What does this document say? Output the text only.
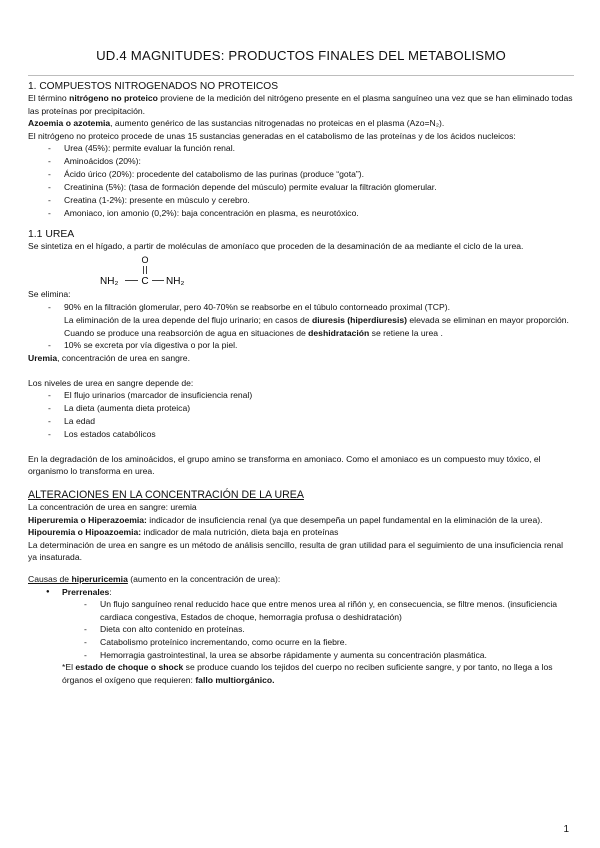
UD.4 MAGNITUDES: PRODUCTOS FINALES DEL METABOLISMO
1. COMPUESTOS NITROGENADOS NO PROTEICOS

El término nitrógeno no proteico proviene de la medición del nitrógeno presente en el plasma sanguíneo una vez que se han eliminado todas las proteínas por precipitación.

Azoemia o azotemia, aumento genérico de las sustancias nitrogenadas no proteicas en el plasma (Azo=N₂).

El nitrógeno no proteico procede de unas 15 sustancias generadas en el catabolismo de las proteínas y de los ácidos nucleicos:

- Urea (45%): permite evaluar la función renal.
- Aminoácidos (20%):
- Ácido úrico (20%): procedente del catabolismo de las purinas (produce “gota”).
- Creatinina (5%): (tasa de formación depende del músculo) permite evaluar la filtración glomerular.
- Creatina (1-2%): presente en músculo y cerebro.
- Amoniaco, ion amonio (0,2%): baja concentración en plasma, es neurotóxico.
1.1 UREA

Se sintetiza en el hígado, a partir de moléculas de amoníaco que proceden de la desaminación de aa mediante el ciclo de la urea.

O
NH₂ C NH₂

Se elimina:

- 90% en la filtración glomerular, pero 40-70%n se reabsorbe en el túbulo contorneado proximal (TCP).

La eliminación de la urea depende del flujo urinario; en casos de diuresis (hiperdiuresis) elevada se eliminan en mayor proporción.

Cuando se produce una reabsorción de agua en situaciones de deshidratación se retiene la urea .

- 10% se excreta por vía digestiva o por la piel.

Uremia, concentración de urea en sangre.

Los niveles de urea en sangre depende de:

- El flujo urinarios (marcador de insuficiencia renal)
- La dieta (aumenta dieta proteica)
- La edad
- Los estados catabólicos

En la degradación de los aminoácidos, el grupo amino se transforma en amoniaco. Como el amoniaco es un compuesto muy tóxico, el organismo lo transforma en urea.

ALTERACIONES EN LA CONCENTRACIÓN DE LA UREA

La concentración de urea en sangre: uremia

Hiperuremia o Hiperazoemia: indicador de insuficiencia renal (ya que desempeña un papel fundamental en la eliminación de la urea).

Hipouremia o Hipoazoemia: indicador de mala nutrición, dieta baja en proteínas

La determinación de urea en sangre es un método de análisis sencillo, resulta de gran utilidad para el seguimiento de una insuficiencia renal ya insaturada.

Causas de hiperuricemia (aumento en la concentración de urea):

● Prerrenales:
- Un flujo sanguíneo renal reducido hace que entre menos urea al riñón y, en consecuencia, se filtre menos. (insuficiencia cardiaca congestiva, Estados de choque, hemorragia profusa o deshidratación)
- Dieta con alto contenido en proteínas.
- Catabolismo proteínico incrementando, como ocurre en la fiebre.
- Hemorragia gastrointestinal, la urea se absorbe rápidamente y aumenta su concentración plasmática.

*El estado de choque o shock se produce cuando los tejidos del cuerpo no reciben suficiente sangre, y por tanto, no llega a los órganos el oxígeno que requieren: fallo multiorgánico.

1
